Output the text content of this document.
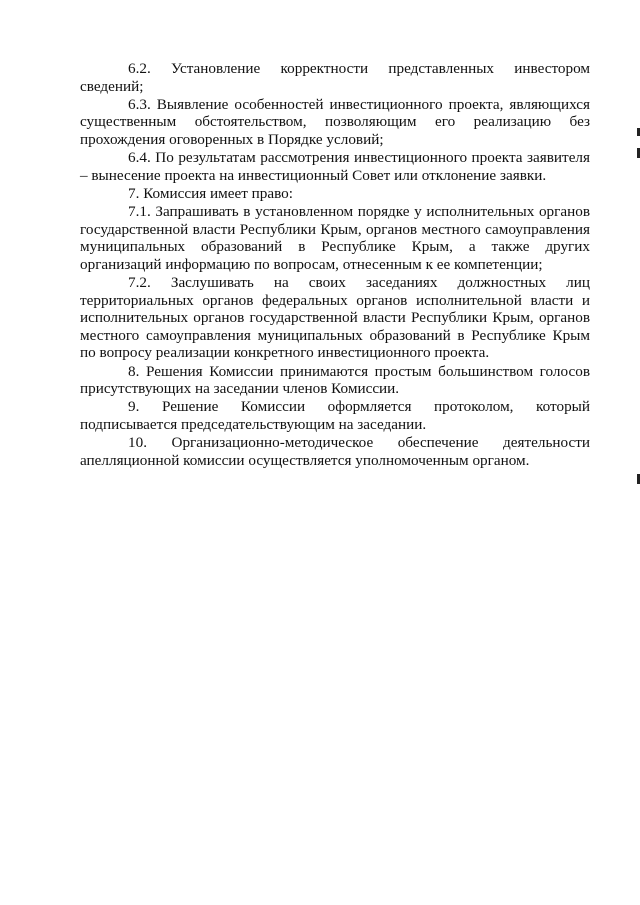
6.2. Установление корректности представленных инвестором сведений;

6.3. Выявление особенностей инвестиционного проекта, являющихся существенным обстоятельством, позволяющим его реализацию без прохождения оговоренных в Порядке условий;

6.4. По результатам рассмотрения инвестиционного проекта заявителя – вынесение проекта на инвестиционный Совет или отклонение заявки.

7. Комиссия имеет право:

7.1. Запрашивать в установленном порядке у исполнительных органов государственной власти Республики Крым, органов местного самоуправления муниципальных образований в Республике Крым, а также других организаций информацию по вопросам, отнесенным к ее компетенции;

7.2. Заслушивать на своих заседаниях должностных лиц территориальных органов федеральных органов исполнительной власти и исполнительных органов государственной власти Республики Крым, органов местного самоуправления муниципальных образований в Республике Крым по вопросу реализации конкретного инвестиционного проекта.

8. Решения Комиссии принимаются простым большинством голосов присутствующих на заседании членов Комиссии.

9. Решение Комиссии оформляется протоколом, который подписывается председательствующим на заседании.

10. Организационно-методическое обеспечение деятельности апелляционной комиссии осуществляется уполномоченным органом.
